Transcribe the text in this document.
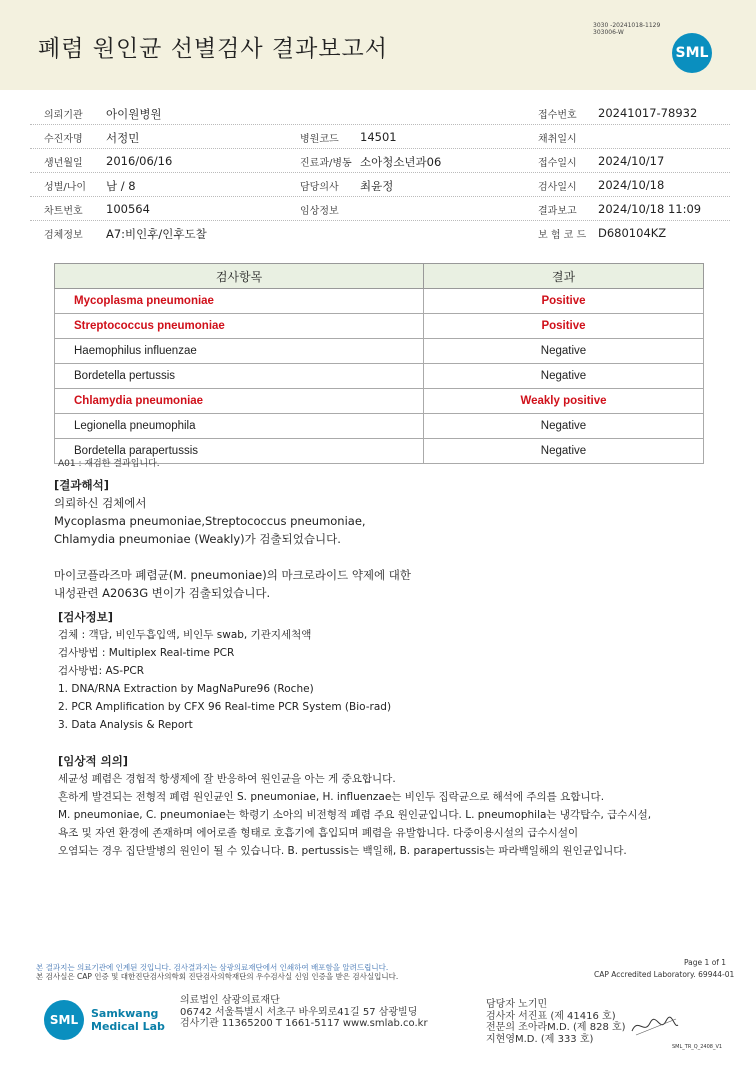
폐렴 원인균 선별검사 결과보고서
3030 -20241018-1129
303006-W
SML
의뢰기관 아이원병원	접수번호 20241017-78932
수진자명 서정민	병원코드 14501	채취일시
생년월일 2016/06/16	진료과/병동 소아청소년과06	접수일시 2024/10/17
성별/나이 남 / 8	담당의사 최윤정	검사일시 2024/10/18
차트번호 100564	임상정보	결과보고 2024/10/18 11:09
검체정보 A7:비인후/인후도찰	보 험 코 드 D680104KZ
검사항목	결과
Mycoplasma pneumoniae	Positive
Streptococcus pneumoniae	Positive
Haemophilus influenzae	Negative
Bordetella pertussis	Negative
Chlamydia pneumoniae	Weakly positive
Legionella pneumophila	Negative
Bordetella parapertussis	Negative
A01 : 재검한 결과입니다.
[결과해석]
의뢰하신 검체에서
Mycoplasma pneumoniae,Streptococcus pneumoniae,
Chlamydia pneumoniae (Weakly)가 검출되었습니다.
마이코플라즈마 폐렴균(M. pneumoniae)의 마크로라이드 약제에 대한
내성관련 A2063G 변이가 검출되었습니다.
[검사정보]
검체 : 객담, 비인두흡입액, 비인두 swab, 기관지세척액
검사방법 : Multiplex Real-time PCR
검사방법: AS-PCR
1. DNA/RNA Extraction by MagNaPure96 (Roche)
2. PCR Amplification by CFX 96 Real-time PCR System (Bio-rad)
3. Data Analysis & Report
[임상적 의의]
세균성 폐렴은 경험적 항생제에 잘 반응하여 원인균을 아는 게 중요합니다.
흔하게 발견되는 전형적 폐렴 원인균인 S. pneumoniae, H. influenzae는 비인두 집락균으로 해석에 주의를 요합니다.
M. pneumoniae, C. pneumoniae는 학령기 소아의 비전형적 폐렴 주요 원인균입니다. L. pneumophila는 냉각탑수, 급수시설,
욕조 및 자연 환경에 존재하며 에어로졸 형태로 호흡기에 흡입되며 폐렴을 유발합니다. 다중이용시설의 급수시설이
오염되는 경우 집단발병의 원인이 될 수 있습니다. B. pertussis는 백일해, B. parapertussis는 파라백일해의 원인균입니다.
Page 1 of 1
본 결과지는 의료기관에 인계된 것입니다. 검사결과지는 삼광의료재단에서 인쇄하여 배포함을 알려드립니다.
본 검사실은 CAP 인증 및 대한진단검사의학회 진단검사의학재단의 우수검사실 신임 인증을 받은 검사실입니다.	CAP Accredited Laboratory. 69944-01
SML	Samkwang
Medical Lab
의료법인 삼광의료재단
06742 서울특별시 서초구 바우뫼로41길 57 삼광빌딩
검사기관 11365200 T 1661-5117 www.smlab.co.kr
담당자 노기민
검사자 서진표 (제 41416 호)
전문의 조아라M.D. (제 828 호)
지현영M.D. (제 333 호)
SML_TR_Q_2408_V1
